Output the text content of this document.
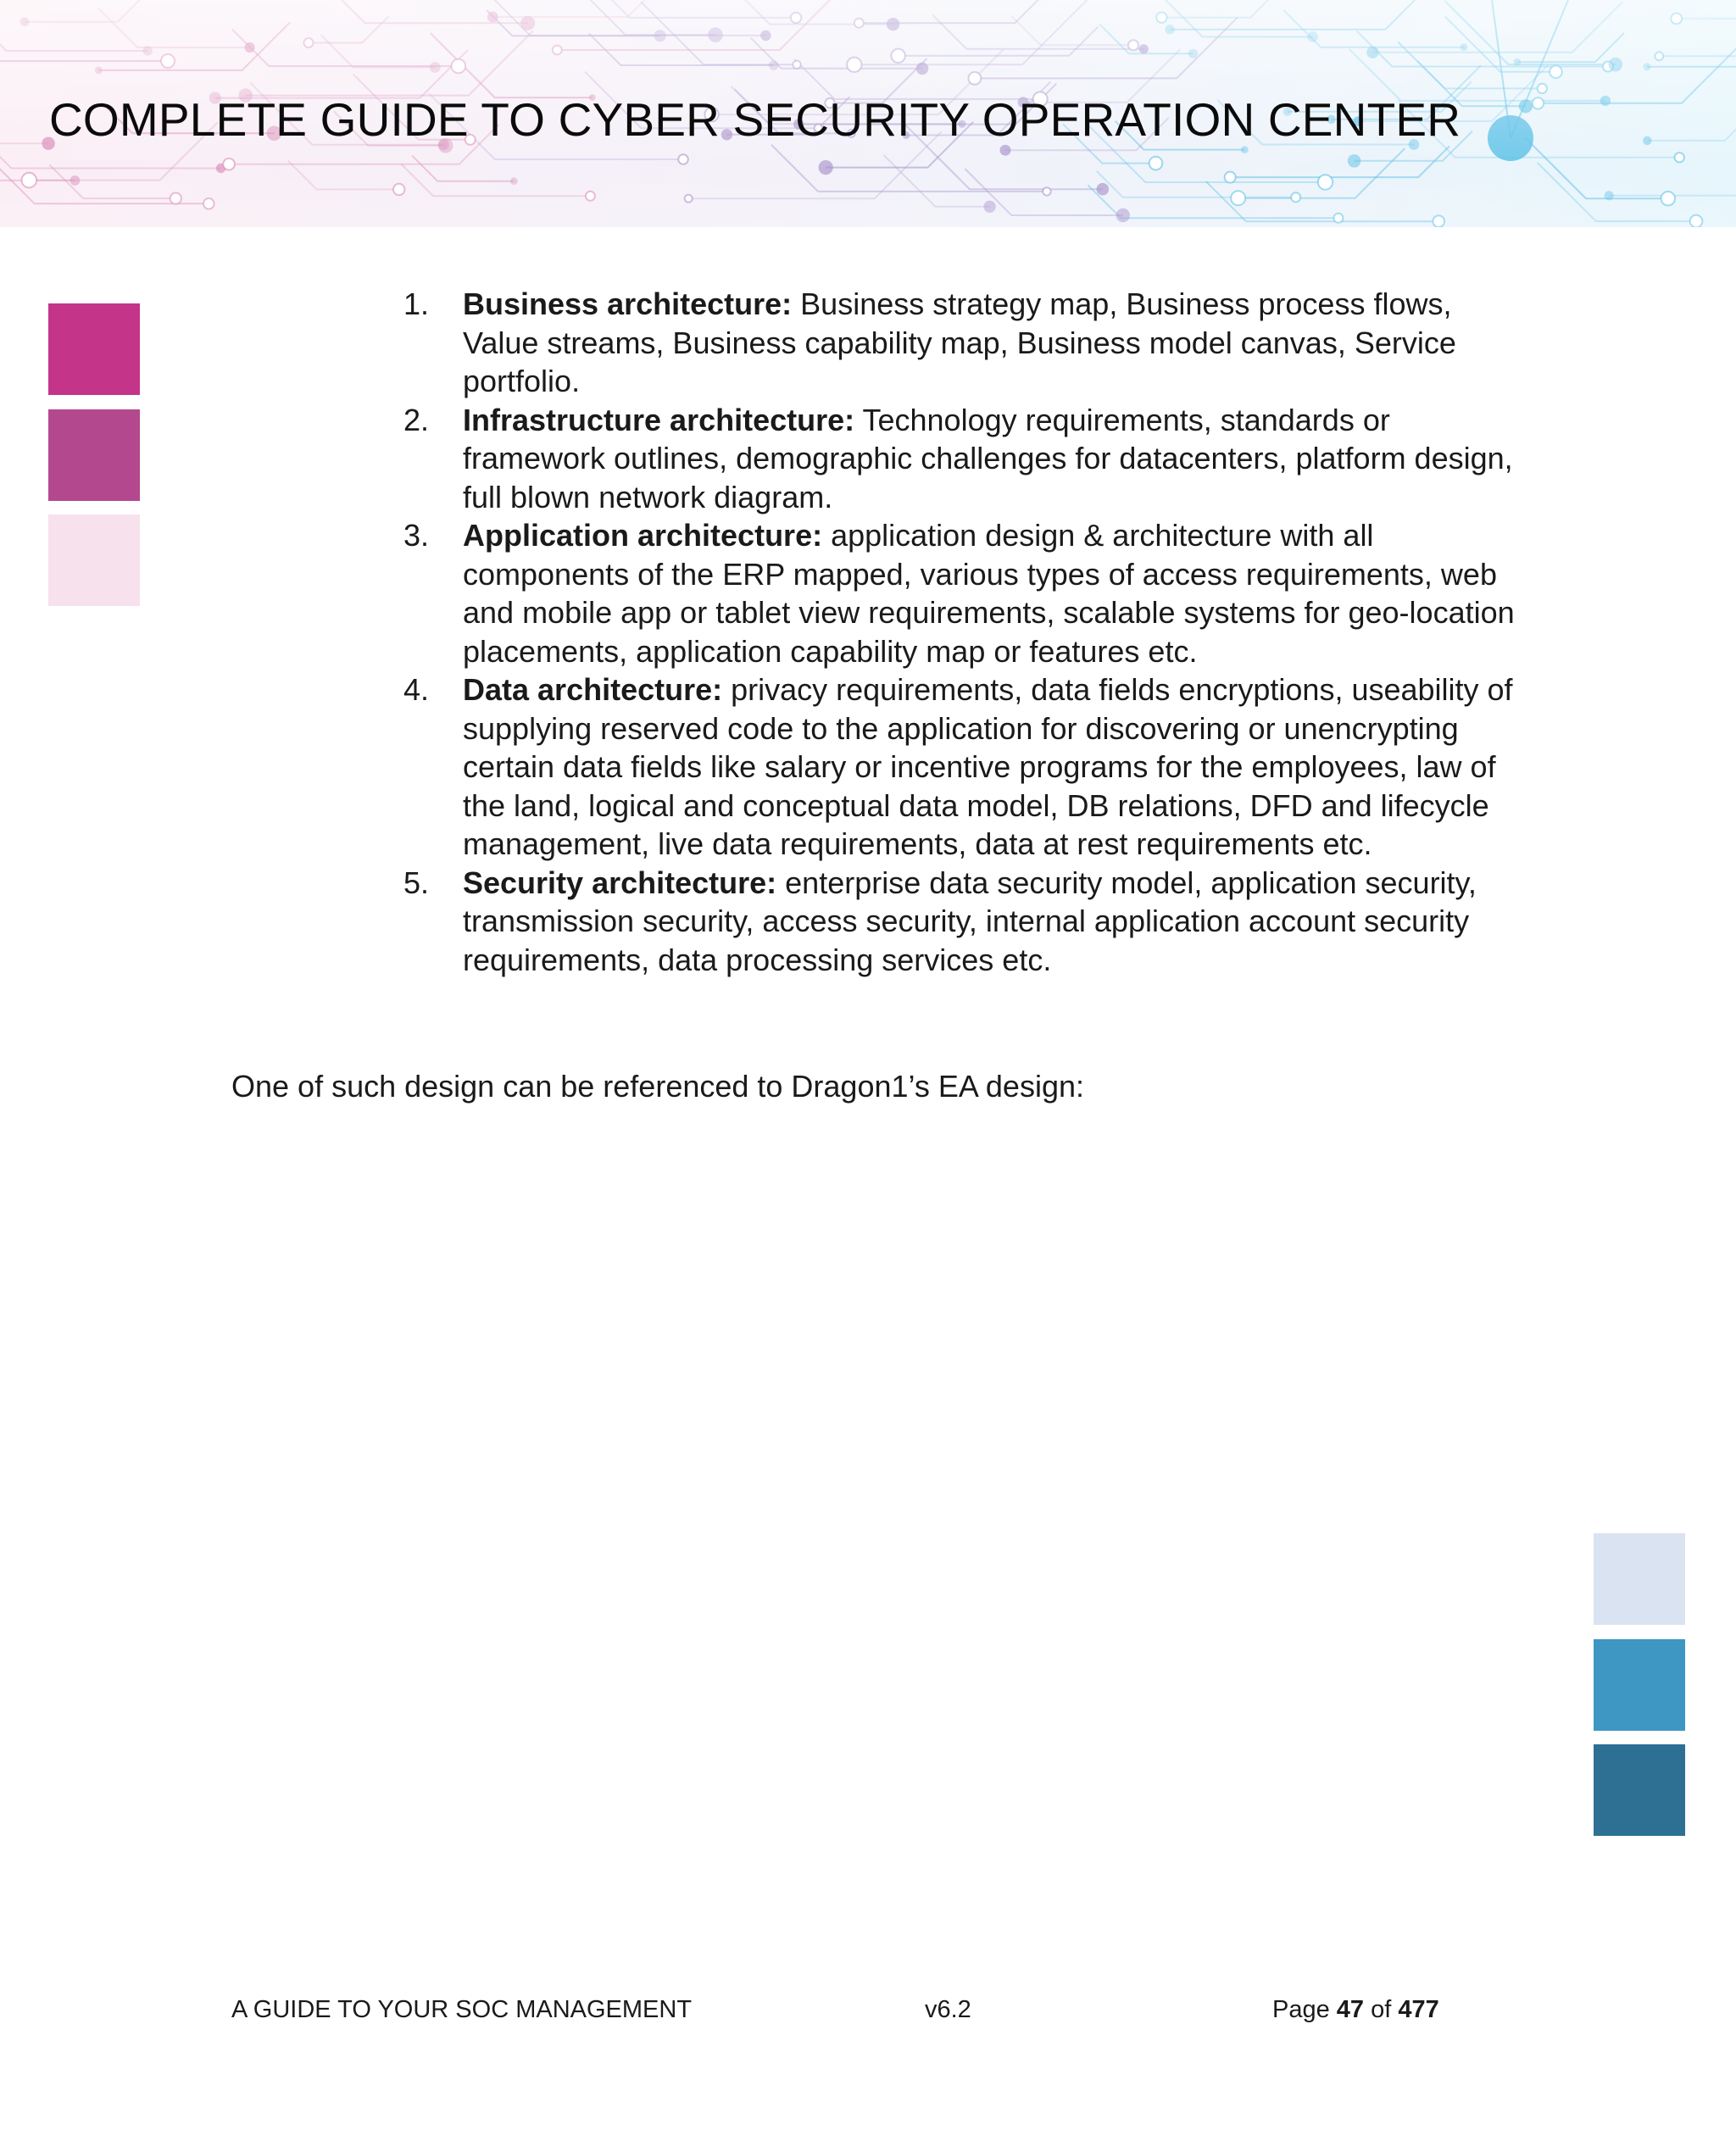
COMPLETE GUIDE TO CYBER SECURITY OPERATION CENTER
1. Business architecture: Business strategy map, Business process flows, Value streams, Business capability map, Business model canvas, Service portfolio.
2. Infrastructure architecture: Technology requirements, standards or framework outlines, demographic challenges for datacenters, platform design, full blown network diagram.
3. Application architecture: application design & architecture with all components of the ERP mapped, various types of access requirements, web and mobile app or tablet view requirements, scalable systems for geo-location placements, application capability map or features etc.
4. Data architecture: privacy requirements, data fields encryptions, useability of supplying reserved code to the application for discovering or unencrypting certain data fields like salary or incentive programs for the employees, law of the land, logical and conceptual data model, DB relations, DFD and lifecycle management, live data requirements, data at rest requirements etc.
5. Security architecture: enterprise data security model, application security, transmission security, access security, internal application account security requirements, data processing services etc.

One of such design can be referenced to Dragon1’s EA design:

A GUIDE TO YOUR SOC MANAGEMENT	v6.2	Page 47 of 477
